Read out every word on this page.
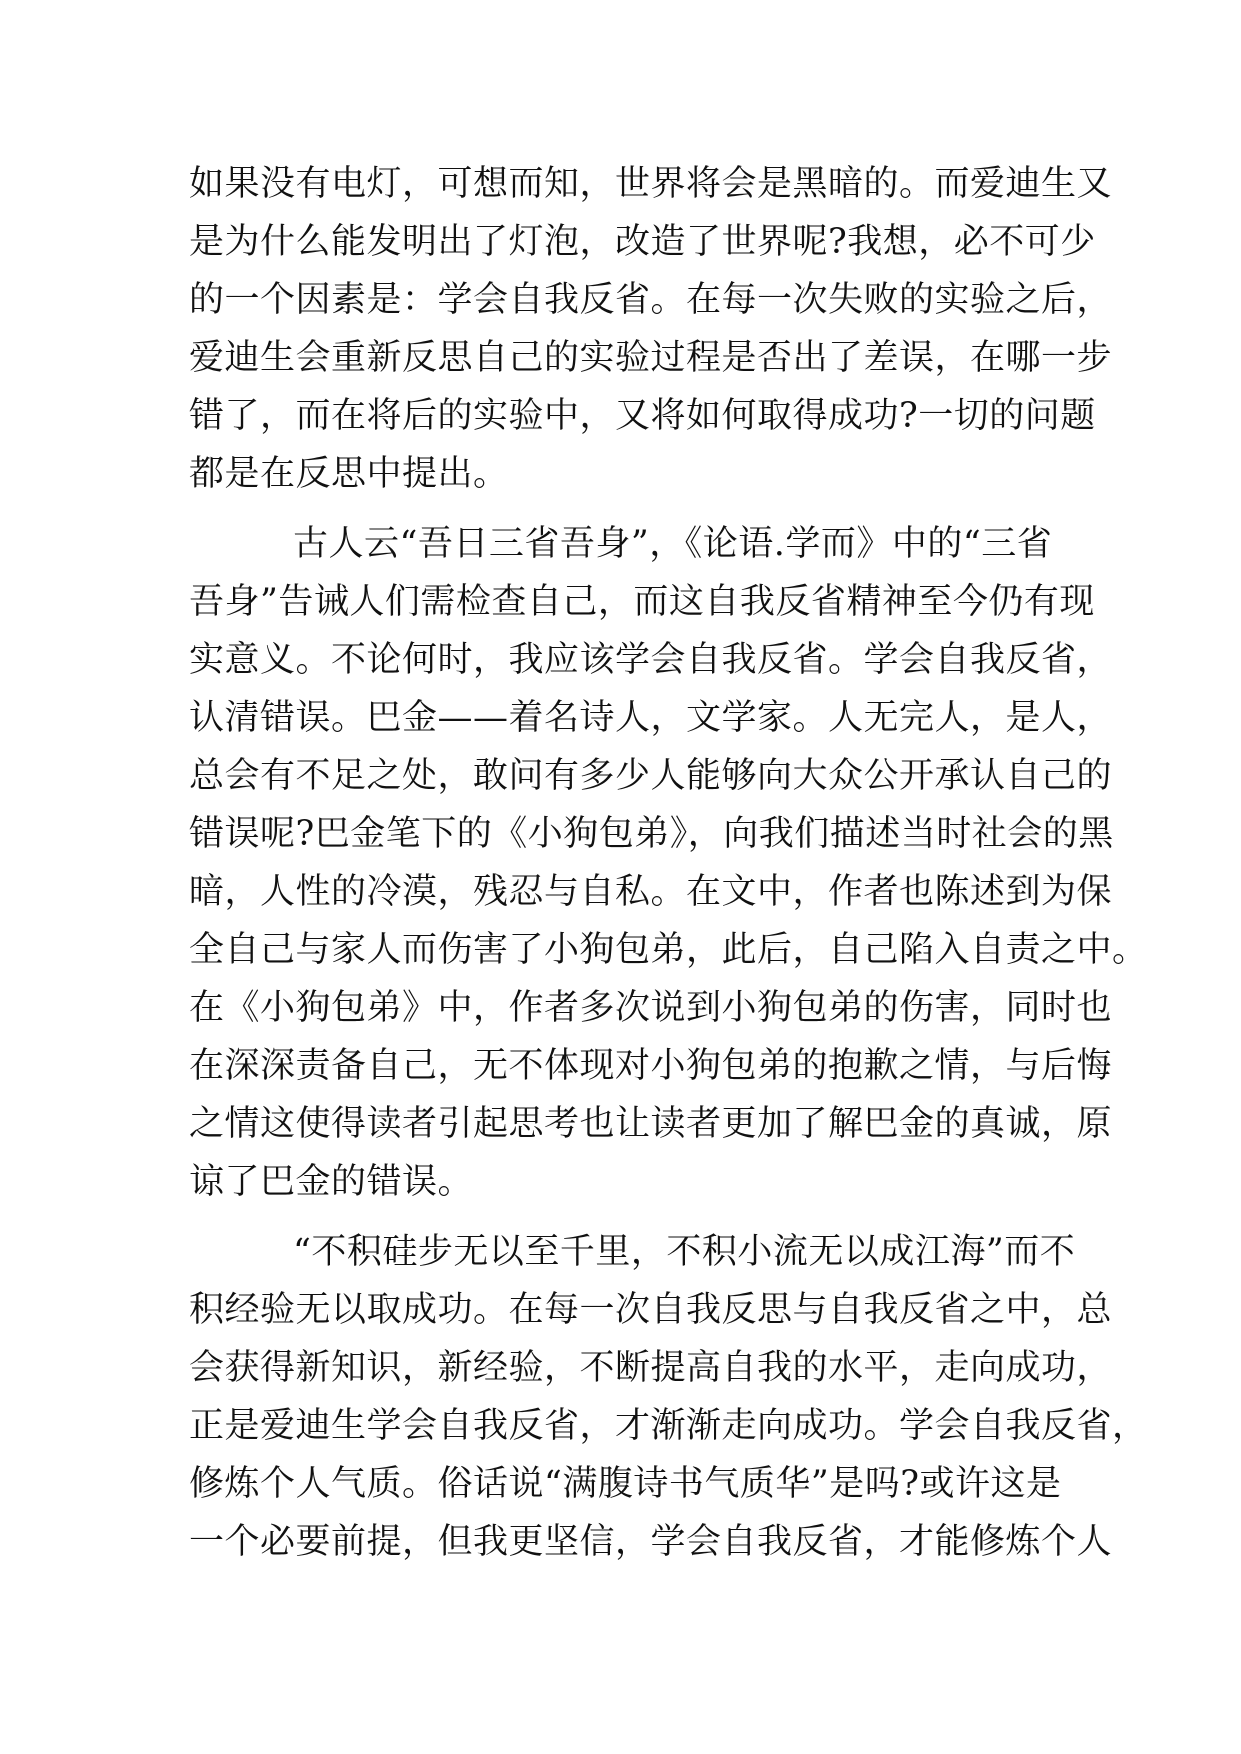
如果没有电灯，可想而知，世界将会是黑暗的。而爱迪生又
是为什么能发明出了灯泡，改造了世界呢?我想，必不可少
的一个因素是：学会自我反省。在每一次失败的实验之后，
爱迪生会重新反思自己的实验过程是否出了差误，在哪一步
错了，而在将后的实验中，又将如何取得成功?一切的问题
都是在反思中提出。
古人云“吾日三省吾身”，《论语.学而》中的“三省
吾身”告诫人们需检查自己，而这自我反省精神至今仍有现
实意义。不论何时，我应该学会自我反省。学会自我反省，
认清错误。巴金——着名诗人，文学家。人无完人，是人，
总会有不足之处，敢问有多少人能够向大众公开承认自己的
错误呢?巴金笔下的《小狗包弟》，向我们描述当时社会的黑
暗，人性的冷漠，残忍与自私。在文中，作者也陈述到为保
全自己与家人而伤害了小狗包弟，此后，自己陷入自责之中。
在《小狗包弟》中，作者多次说到小狗包弟的伤害，同时也
在深深责备自己，无不体现对小狗包弟的抱歉之情，与后悔
之情这使得读者引起思考也让读者更加了解巴金的真诚，原
谅了巴金的错误。
“不积硅步无以至千里，不积小流无以成江海”而不
积经验无以取成功。在每一次自我反思与自我反省之中，总
会获得新知识，新经验，不断提高自我的水平，走向成功，
正是爱迪生学会自我反省，才渐渐走向成功。学会自我反省，
修炼个人气质。俗话说“满腹诗书气质华”是吗?或许这是
一个必要前提，但我更坚信，学会自我反省，才能修炼个人
